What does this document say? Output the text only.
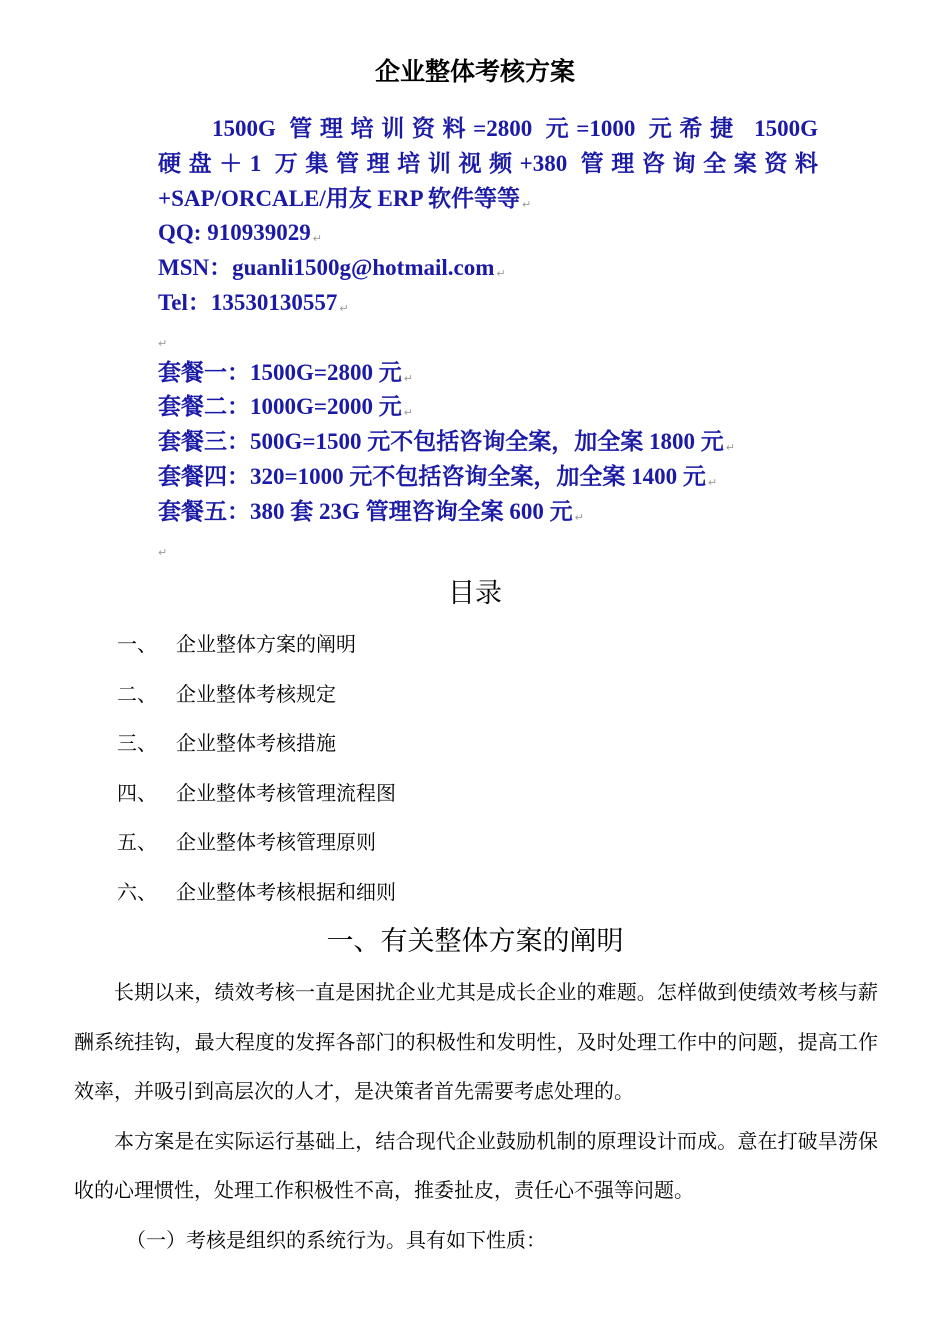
企业整体考核方案
1500G 管理培训资料=2800 元=1000 元希捷 1500G
硬盘＋1 万集管理培训视频+380 管理咨询全案资料
+SAP/ORCALE/用友 ERP 软件等等 ↵
QQ: 910939029 ↵
MSN：guanli1500g@hotmail.com ↵
Tel：13530130557 ↵
↵
套餐一：1500G=2800 元 ↵
套餐二：1000G=2000 元 ↵
套餐三：500G=1500 元不包括咨询全案，加全案 1800 元 ↵
套餐四：320=1000 元不包括咨询全案，加全案 1400 元 ↵
套餐五：380 套 23G 管理咨询全案 600 元 ↵
↵
目录
一、 企业整体方案的阐明
二、 企业整体考核规定
三、 企业整体考核措施
四、 企业整体考核管理流程图
五、 企业整体考核管理原则
六、 企业整体考核根据和细则
一、有关整体方案的阐明

长期以来，绩效考核一直是困扰企业尤其是成长企业的难题。怎样做到使绩效考核与薪酬系统挂钩，最大程度的发挥各部门的积极性和发明性，及时处理工作中的问题，提高工作效率，并吸引到高层次的人才，是决策者首先需要考虑处理的。

本方案是在实际运行基础上，结合现代企业鼓励机制的原理设计而成。意在打破旱涝保收的心理惯性，处理工作积极性不高，推委扯皮，责任心不强等问题。

（一）考核是组织的系统行为。具有如下性质：
